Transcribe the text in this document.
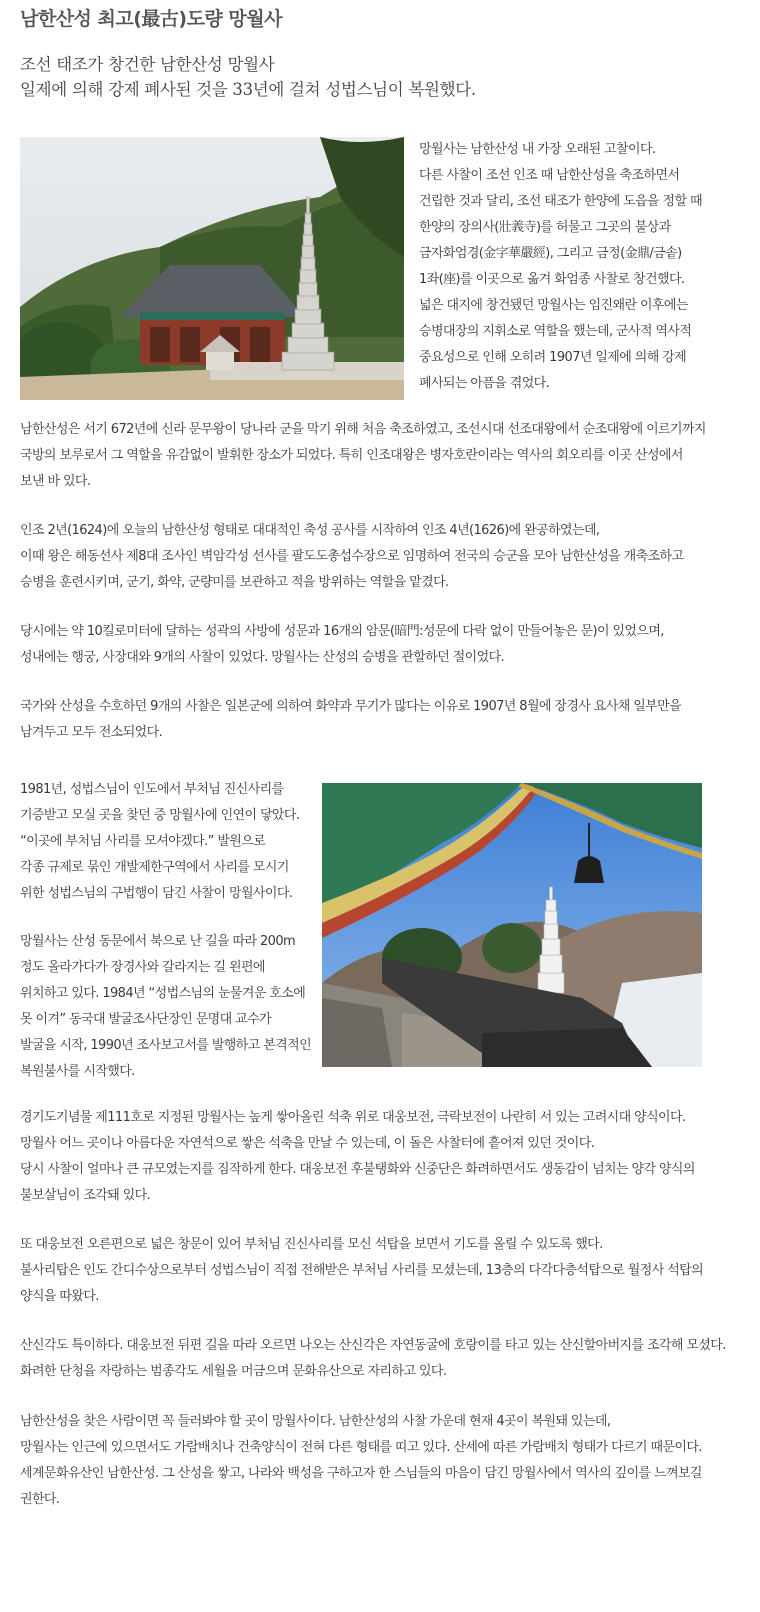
남한산성 최고(最古)도량 망월사
조선 태조가 창건한 남한산성 망월사
일제에 의해 강제 폐사된 것을 33년에 걸쳐 성법스님이 복원했다.
망월사는 남한산성 내 가장 오래된 고찰이다.
다른 사찰이 조선 인조 때 남한산성을 축조하면서
건립한 것과 달리, 조선 태조가 한양에 도읍을 정할 때
한양의 장의사(壯義寺)를 허물고 그곳의 불상과
금자화엄경(金字華嚴經), 그리고 금정(金鼎/금솥)
1좌(座)를 이곳으로 옮겨 화엄종 사찰로 창건했다.
넓은 대지에 창건됐던 망월사는 임진왜란 이후에는
승병대장의 지휘소로 역할을 했는데, 군사적 역사적
중요성으로 인해 오히려 1907년 일제에 의해 강제
폐사되는 아픔을 겪었다.
남한산성은 서기 672년에 신라 문무왕이 당나라 군을 막기 위해 처음 축조하였고, 조선시대 선조대왕에서 순조대왕에 이르기까지
국방의 보루로서 그 역할을 유감없이 발휘한 장소가 되었다. 특히 인조대왕은 병자호란이라는 역사의 회오리를 이곳 산성에서
보낸 바 있다.
인조 2년(1624)에 오늘의 남한산성 형태로 대대적인 축성 공사를 시작하여 인조 4년(1626)에 완공하였는데,
이때 왕은 해동선사 제8대 조사인 벽암각성 선사를 팔도도총섭수장으로 임명하여 전국의 승군을 모아 남한산성을 개축조하고
승병을 훈련시키며, 군기, 화약, 군량미를 보관하고 적을 방위하는 역할을 맡겼다.
당시에는 약 10킬로미터에 달하는 성곽의 사방에 성문과 16개의 암문(暗門:성문에 다락 없이 만들어놓은 문)이 있었으며,
성내에는 행궁, 사장대와 9개의 사찰이 있었다. 망월사는 산성의 승병을 관할하던 절이었다.
국가와 산성을 수호하던 9개의 사찰은 일본군에 의하여 화약과 무기가 많다는 이유로 1907년 8월에 장경사 요사채 일부만을
남겨두고 모두 전소되었다.
1981년, 성법스님이 인도에서 부처님 진신사리를
기증받고 모실 곳을 찾던 중 망월사에 인연이 닿았다.
“이곳에 부처님 사리를 모셔야겠다.” 발원으로
각종 규제로 묶인 개발제한구역에서 사리를 모시기
위한 성법스님의 구법행이 담긴 사찰이 망월사이다.
망월사는 산성 동문에서 북으로 난 길을 따라 200m
정도 올라가다가 장경사와 갈라지는 길 왼편에
위치하고 있다. 1984년 “성법스님의 눈물겨운 호소에
못 이겨” 동국대 발굴조사단장인 문명대 교수가
발굴을 시작, 1990년 조사보고서를 발행하고 본격적인
복원불사를 시작했다.
경기도기념물 제111호로 지정된 망월사는 높게 쌓아올린 석축 위로 대웅보전, 극락보전이 나란히 서 있는 고려시대 양식이다.
망월사 어느 곳이나 아름다운 자연석으로 쌓은 석축을 만날 수 있는데, 이 돌은 사찰터에 흩어져 있던 것이다.
당시 사찰이 얼마나 큰 규모였는지를 짐작하게 한다. 대웅보전 후불탱화와 신중단은 화려하면서도 생동감이 넘치는 양각 양식의
불보살님이 조각돼 있다.
또 대웅보전 오른편으로 넓은 창문이 있어 부처님 진신사리를 모신 석탑을 보면서 기도를 올릴 수 있도록 했다.
불사리탑은 인도 간디수상으로부터 성법스님이 직접 전해받은 부처님 사리를 모셨는데, 13층의 다각다층석탑으로 월정사 석탑의
양식을 따왔다.
산신각도 특이하다. 대웅보전 뒤편 길을 따라 오르면 나오는 산신각은 자연동굴에 호랑이를 타고 있는 산신할아버지를 조각해 모셨다.
화려한 단청을 자랑하는 범종각도 세월을 머금으며 문화유산으로 자리하고 있다.
남한산성을 찾은 사람이면 꼭 들러봐야 할 곳이 망월사이다. 남한산성의 사찰 가운데 현재 4곳이 복원돼 있는데,
망월사는 인근에 있으면서도 가람배치나 건축양식이 전혀 다른 형태를 띠고 있다. 산세에 따른 가람배치 형태가 다르기 때문이다.
세계문화유산인 남한산성. 그 산성을 쌓고, 나라와 백성을 구하고자 한 스님들의 마음이 담긴 망월사에서 역사의 깊이를 느껴보길
권한다.
